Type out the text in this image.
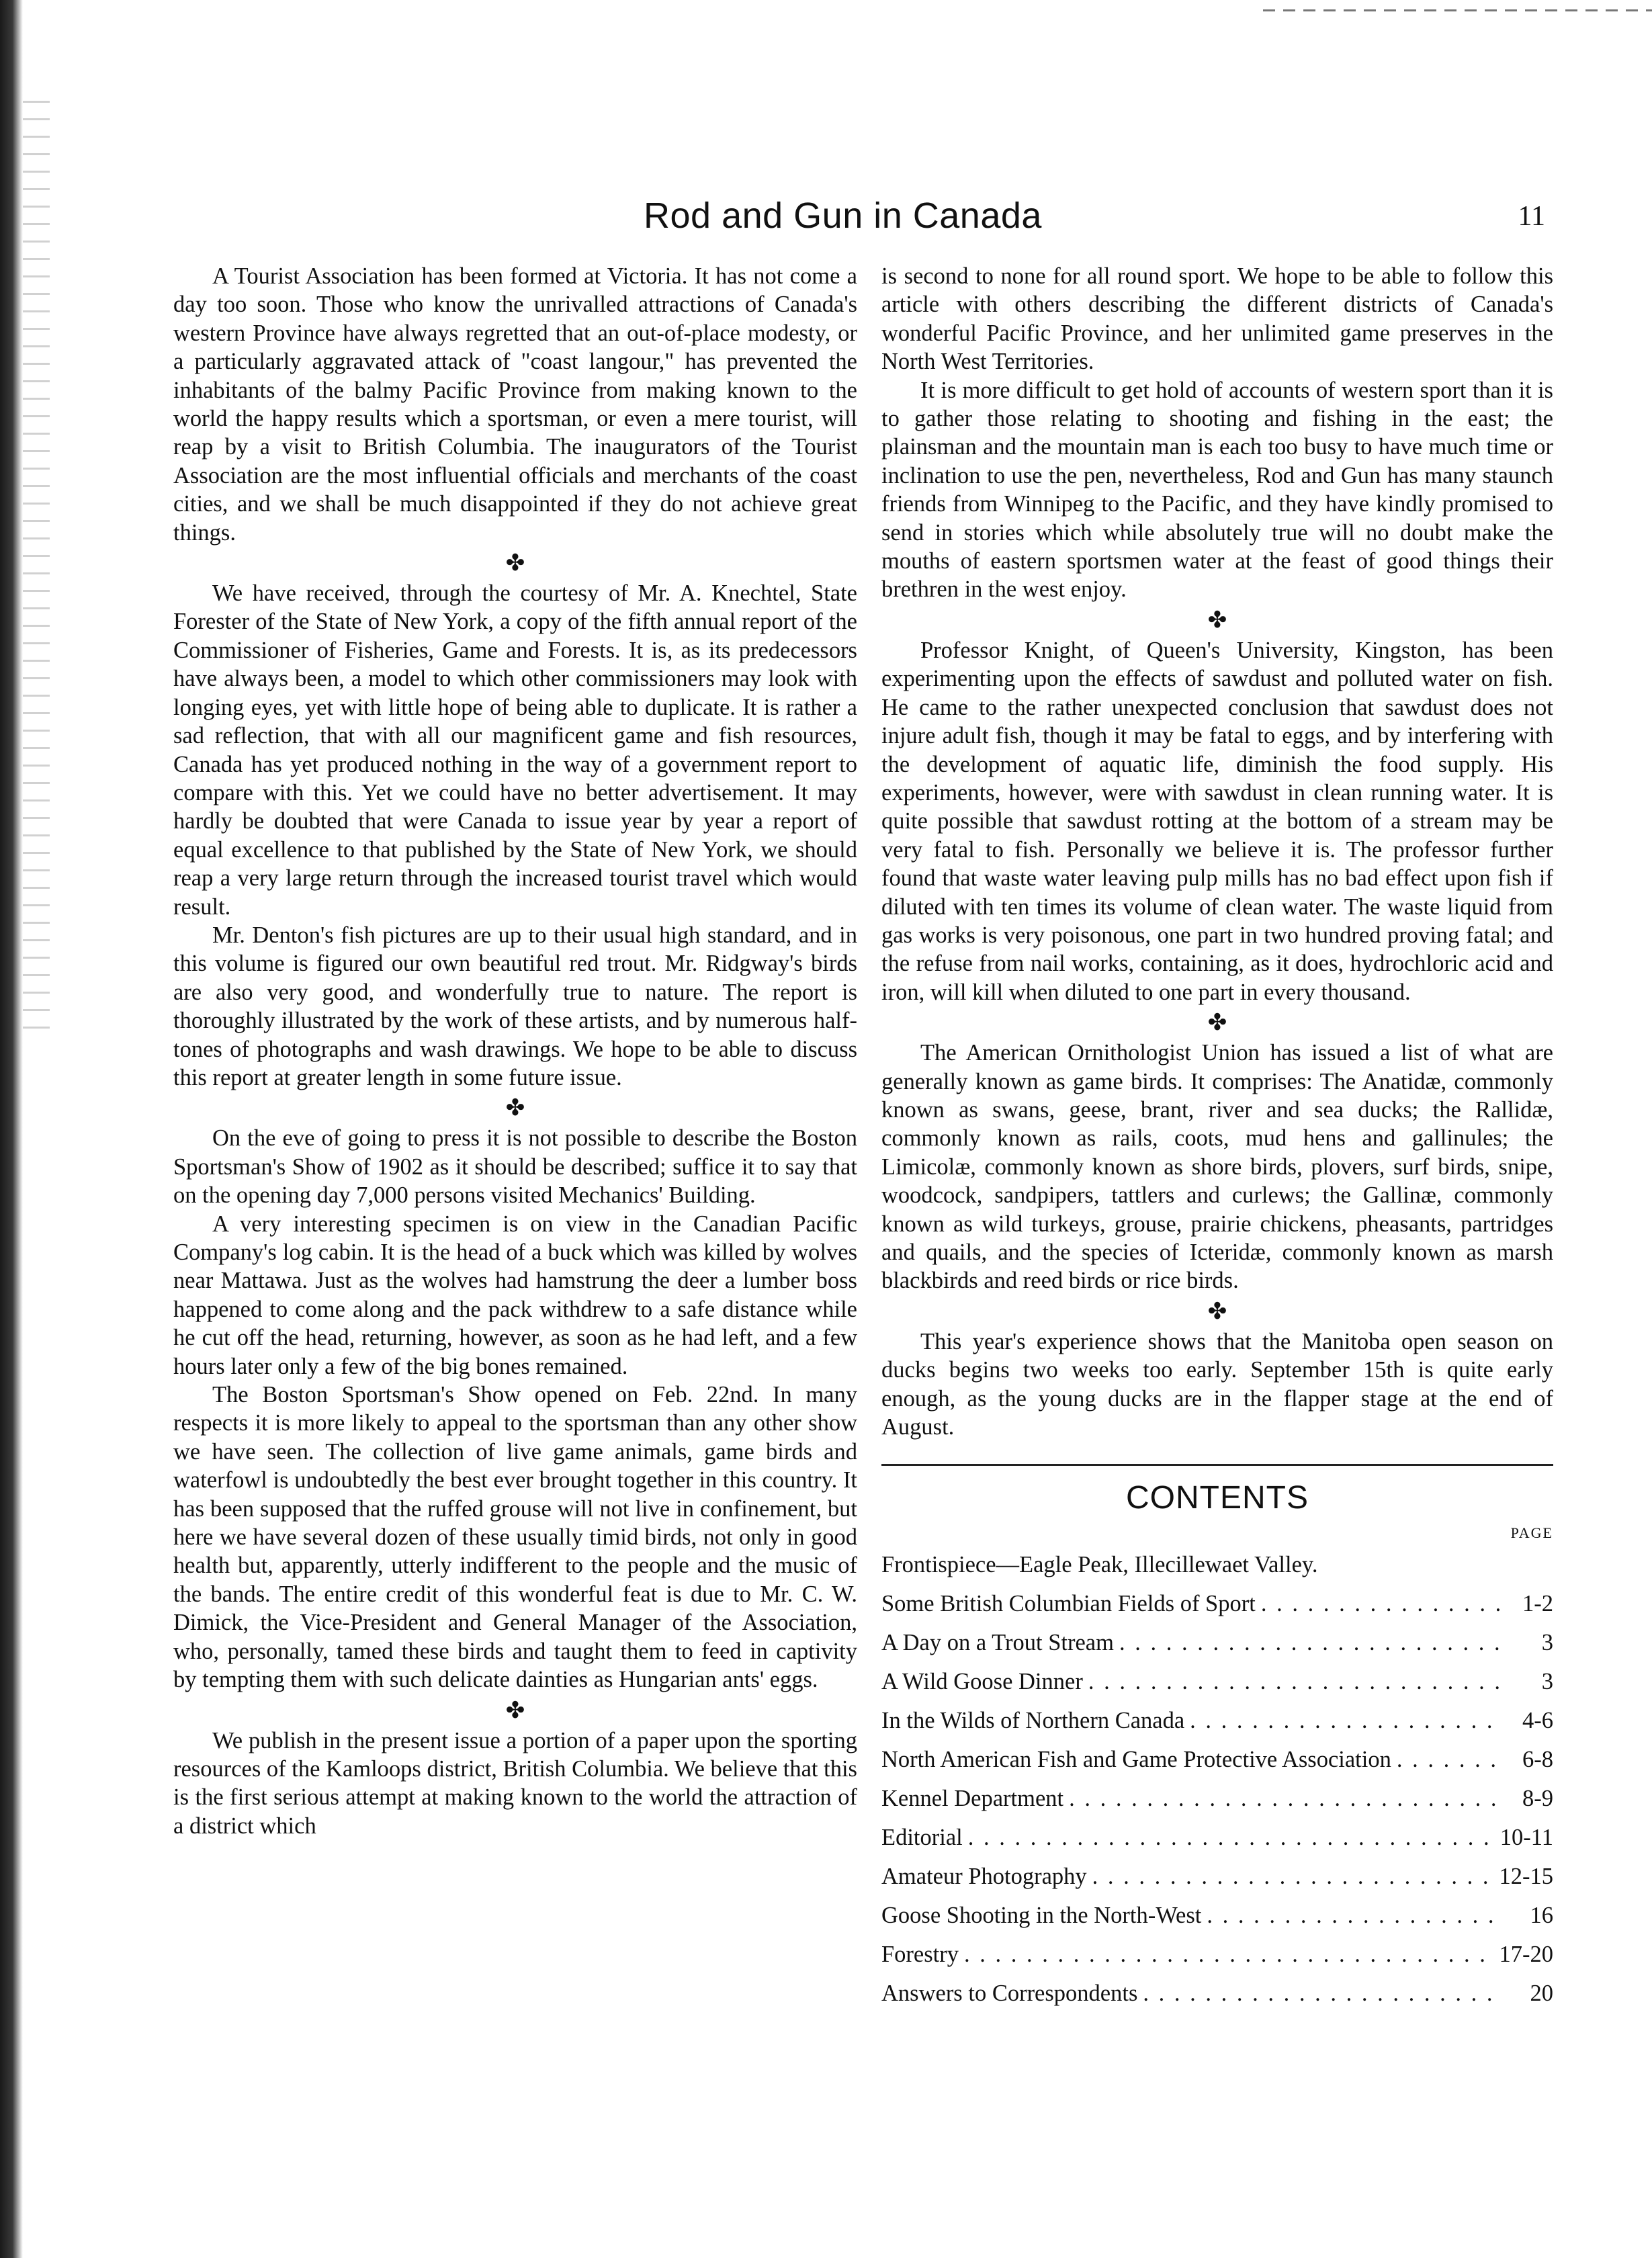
Rod and Gun in Canada	11

A Tourist Association has been formed at Victoria. It has not come a day too soon. Those who know the unrivalled attractions of Canada's western Province have always regretted that an out-of-place modesty, or a particularly aggravated attack of "coast langour," has prevented the inhabitants of the balmy Pacific Province from making known to the world the happy results which a sportsman, or even a mere tourist, will reap by a visit to British Columbia. The inaugurators of the Tourist Association are the most influential officials and merchants of the coast cities, and we shall be much disappointed if they do not achieve great things.

✤

We have received, through the courtesy of Mr. A. Knechtel, State Forester of the State of New York, a copy of the fifth annual report of the Commissioner of Fisheries, Game and Forests. It is, as its predecessors have always been, a model to which other commissioners may look with longing eyes, yet with little hope of being able to duplicate. It is rather a sad reflection, that with all our magnificent game and fish resources, Canada has yet produced nothing in the way of a government report to compare with this. Yet we could have no better advertisement. It may hardly be doubted that were Canada to issue year by year a report of equal excellence to that published by the State of New York, we should reap a very large return through the increased tourist travel which would result.

Mr. Denton's fish pictures are up to their usual high standard, and in this volume is figured our own beautiful red trout. Mr. Ridgway's birds are also very good, and wonderfully true to nature. The report is thoroughly illustrated by the work of these artists, and by numerous half-tones of photographs and wash drawings. We hope to be able to discuss this report at greater length in some future issue.

✤

On the eve of going to press it is not possible to describe the Boston Sportsman's Show of 1902 as it should be described; suffice it to say that on the opening day 7,000 persons visited Mechanics' Building.

A very interesting specimen is on view in the Canadian Pacific Company's log cabin. It is the head of a buck which was killed by wolves near Mattawa. Just as the wolves had hamstrung the deer a lumber boss happened to come along and the pack withdrew to a safe distance while he cut off the head, returning, however, as soon as he had left, and a few hours later only a few of the big bones remained.

The Boston Sportsman's Show opened on Feb. 22nd. In many respects it is more likely to appeal to the sportsman than any other show we have seen. The collection of live game animals, game birds and waterfowl is undoubtedly the best ever brought together in this country. It has been supposed that the ruffed grouse will not live in confinement, but here we have several dozen of these usually timid birds, not only in good health but, apparently, utterly indifferent to the people and the music of the bands. The entire credit of this wonderful feat is due to Mr. C. W. Dimick, the Vice-President and General Manager of the Association, who, personally, tamed these birds and taught them to feed in captivity by tempting them with such delicate dainties as Hungarian ants' eggs.

✤

We publish in the present issue a portion of a paper upon the sporting resources of the Kamloops district, British Columbia. We believe that this is the first serious attempt at making known to the world the attraction of a district which

is second to none for all round sport. We hope to be able to follow this article with others describing the different districts of Canada's wonderful Pacific Province, and her unlimited game preserves in the North West Territories.

It is more difficult to get hold of accounts of western sport than it is to gather those relating to shooting and fishing in the east; the plainsman and the mountain man is each too busy to have much time or inclination to use the pen, nevertheless, Rod and Gun has many staunch friends from Winnipeg to the Pacific, and they have kindly promised to send in stories which while absolutely true will no doubt make the mouths of eastern sportsmen water at the feast of good things their brethren in the west enjoy.

✤

Professor Knight, of Queen's University, Kingston, has been experimenting upon the effects of sawdust and polluted water on fish. He came to the rather unexpected conclusion that sawdust does not injure adult fish, though it may be fatal to eggs, and by interfering with the development of aquatic life, diminish the food supply. His experiments, however, were with sawdust in clean running water. It is quite possible that sawdust rotting at the bottom of a stream may be very fatal to fish. Personally we believe it is. The professor further found that waste water leaving pulp mills has no bad effect upon fish if diluted with ten times its volume of clean water. The waste liquid from gas works is very poisonous, one part in two hundred proving fatal; and the refuse from nail works, containing, as it does, hydrochloric acid and iron, will kill when diluted to one part in every thousand.

✤

The American Ornithologist Union has issued a list of what are generally known as game birds. It comprises: The Anatidæ, commonly known as swans, geese, brant, river and sea ducks; the Rallidæ, commonly known as rails, coots, mud hens and gallinules; the Limicolæ, commonly known as shore birds, plovers, surf birds, snipe, woodcock, sandpipers, tattlers and curlews; the Gallinæ, commonly known as wild turkeys, grouse, prairie chickens, pheasants, partridges and quails, and the species of Icteridæ, commonly known as marsh blackbirds and reed birds or rice birds.

✤

This year's experience shows that the Manitoba open season on ducks begins two weeks too early. September 15th is quite early enough, as the young ducks are in the flapper stage at the end of August.

CONTENTS
PAGE
Frontispiece—Eagle Peak, Illecillewaet Valley.
Some British Columbian Fields of Sport . . .	1-2
A Day on a Trout Stream . . .	3
A Wild Goose Dinner . . .	3
In the Wilds of Northern Canada . . .	4-6
North American Fish and Game Protective Association . . .	6-8
Kennel Department . . .	8-9
Editorial . . .	10-11
Amateur Photography . . .	12-15
Goose Shooting in the North-West . . .	16
Forestry . . .	17-20
Answers to Correspondents . . .	20
